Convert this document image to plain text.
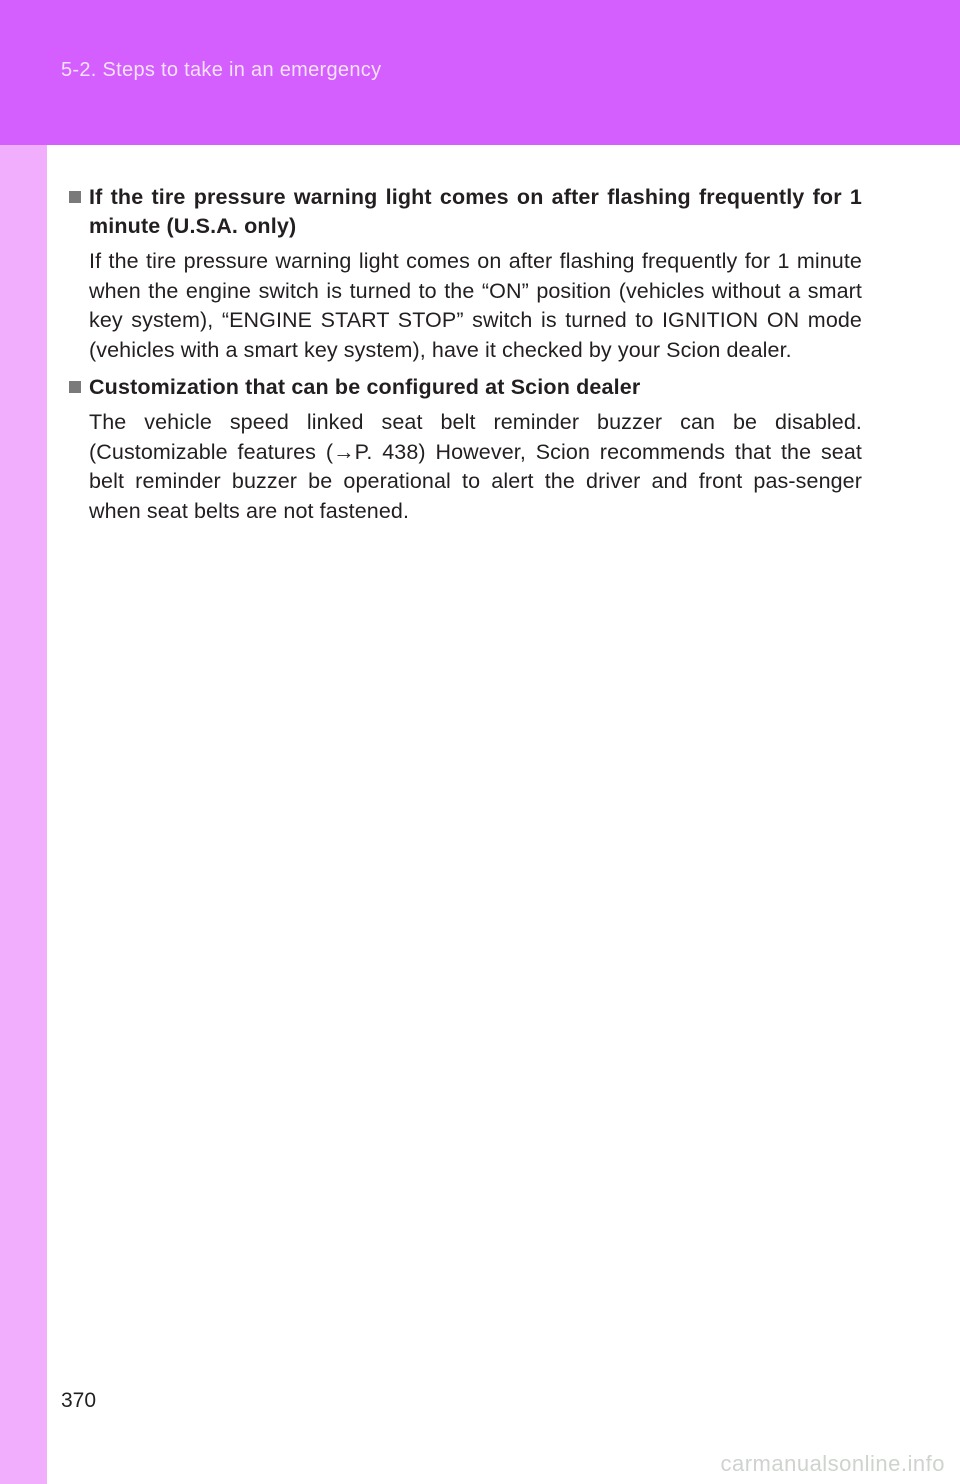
5-2. Steps to take in an emergency
If the tire pressure warning light comes on after flashing frequently for 1 minute (U.S.A. only)
If the tire pressure warning light comes on after flashing frequently for 1 minute when the engine switch is turned to the “ON” position (vehicles without a smart key system), “ENGINE START STOP” switch is turned to IGNITION ON mode (vehicles with a smart key system), have it checked by your Scion dealer.
Customization that can be configured at Scion dealer
The vehicle speed linked seat belt reminder buzzer can be disabled. (Customizable features (→P. 438) However, Scion recommends that the seat belt reminder buzzer be operational to alert the driver and front pas-senger when seat belts are not fastened.
370
carmanualsonline.info
